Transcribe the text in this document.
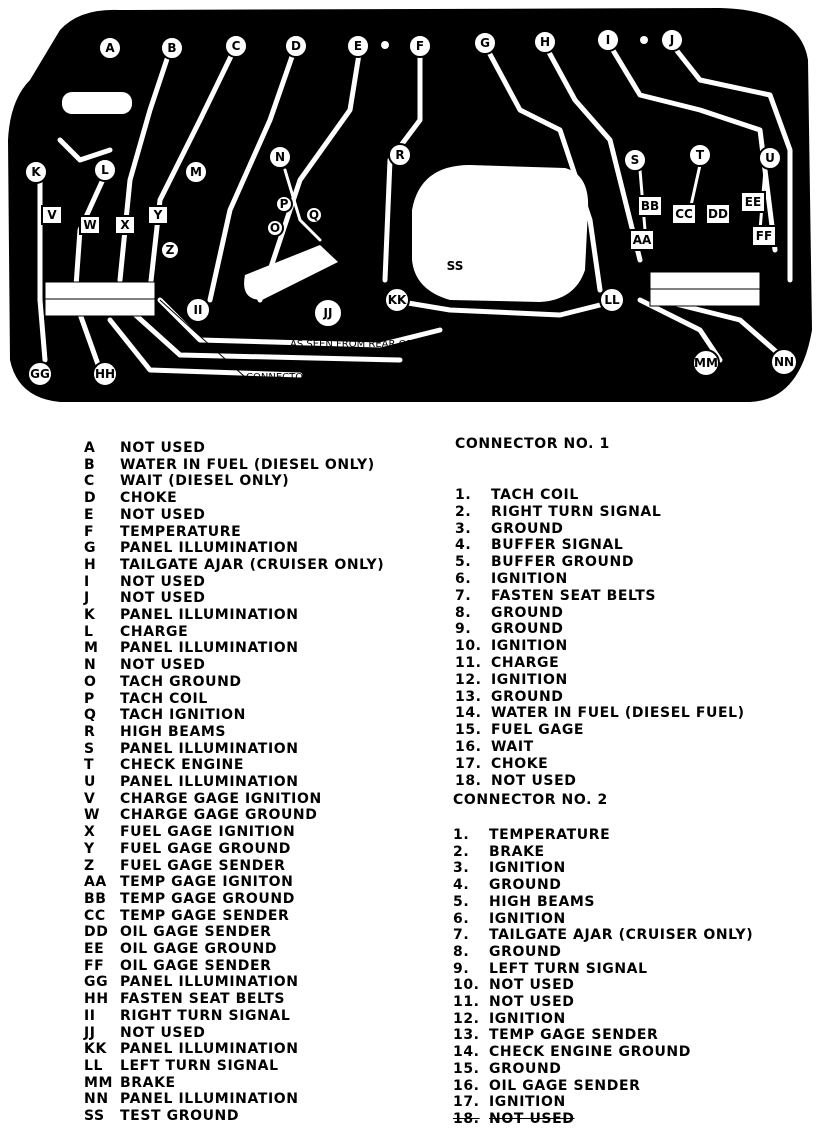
A	B	C	D	E	F	G	H	I	J
K	L	M
N
O
P
Q
R	S	T	U
V
W X
Y
Z
AA
BB
CC DD
EE
FF
GG	HH
II	JJ
KK	LL
MM	NN
SS
AS SEEN FROM REAR OF CLUSTER
CONNECTOR NO. 1	CONNECTOR NO. 2
A NOT USED
B WATER IN FUEL (DIESEL ONLY)
C WAIT (DIESEL ONLY)
D CHOKE
E NOT USED
F TEMPERATURE
G PANEL ILLUMINATION
H TAILGATE AJAR (CRUISER ONLY)
I NOT USED
J NOT USED
K PANEL ILLUMINATION
L CHARGE
M PANEL ILLUMINATION
N NOT USED
O TACH GROUND
P TACH COIL
Q TACH IGNITION
R HIGH BEAMS
S PANEL ILLUMINATION
T CHECK ENGINE
U PANEL ILLUMINATION
V CHARGE GAGE IGNITION
W CHARGE GAGE GROUND
X FUEL GAGE IGNITION
Y FUEL GAGE GROUND
Z FUEL GAGE SENDER
AA TEMP GAGE IGNITON
BB TEMP GAGE GROUND
CC TEMP GAGE SENDER
DD OIL GAGE SENDER
EE OIL GAGE GROUND
FF OIL GAGE SENDER
GG PANEL ILLUMINATION
HH FASTEN SEAT BELTS
II RIGHT TURN SIGNAL
JJ NOT USED
KK PANEL ILLUMINATION
LL LEFT TURN SIGNAL
MM BRAKE
NN PANEL ILLUMINATION
SS TEST GROUND
CONNECTOR NO. 1
1. TACH COIL
2. RIGHT TURN SIGNAL
3. GROUND
4. BUFFER SIGNAL
5. BUFFER GROUND
6. IGNITION
7. FASTEN SEAT BELTS
8. GROUND
9. GROUND
10. IGNITION
11. CHARGE
12. IGNITION
13. GROUND
14. WATER IN FUEL (DIESEL FUEL)
15. FUEL GAGE
16. WAIT
17. CHOKE
18. NOT USED
CONNECTOR NO. 2
1. TEMPERATURE
2. BRAKE
3. IGNITION
4. GROUND
5. HIGH BEAMS
6. IGNITION
7. TAILGATE AJAR (CRUISER ONLY)
8. GROUND
9. LEFT TURN SIGNAL
10. NOT USED
11. NOT USED
12. IGNITION
13. TEMP GAGE SENDER
14. CHECK ENGINE GROUND
15. GROUND
16. OIL GAGE SENDER
17. IGNITION
18. NOT USED
